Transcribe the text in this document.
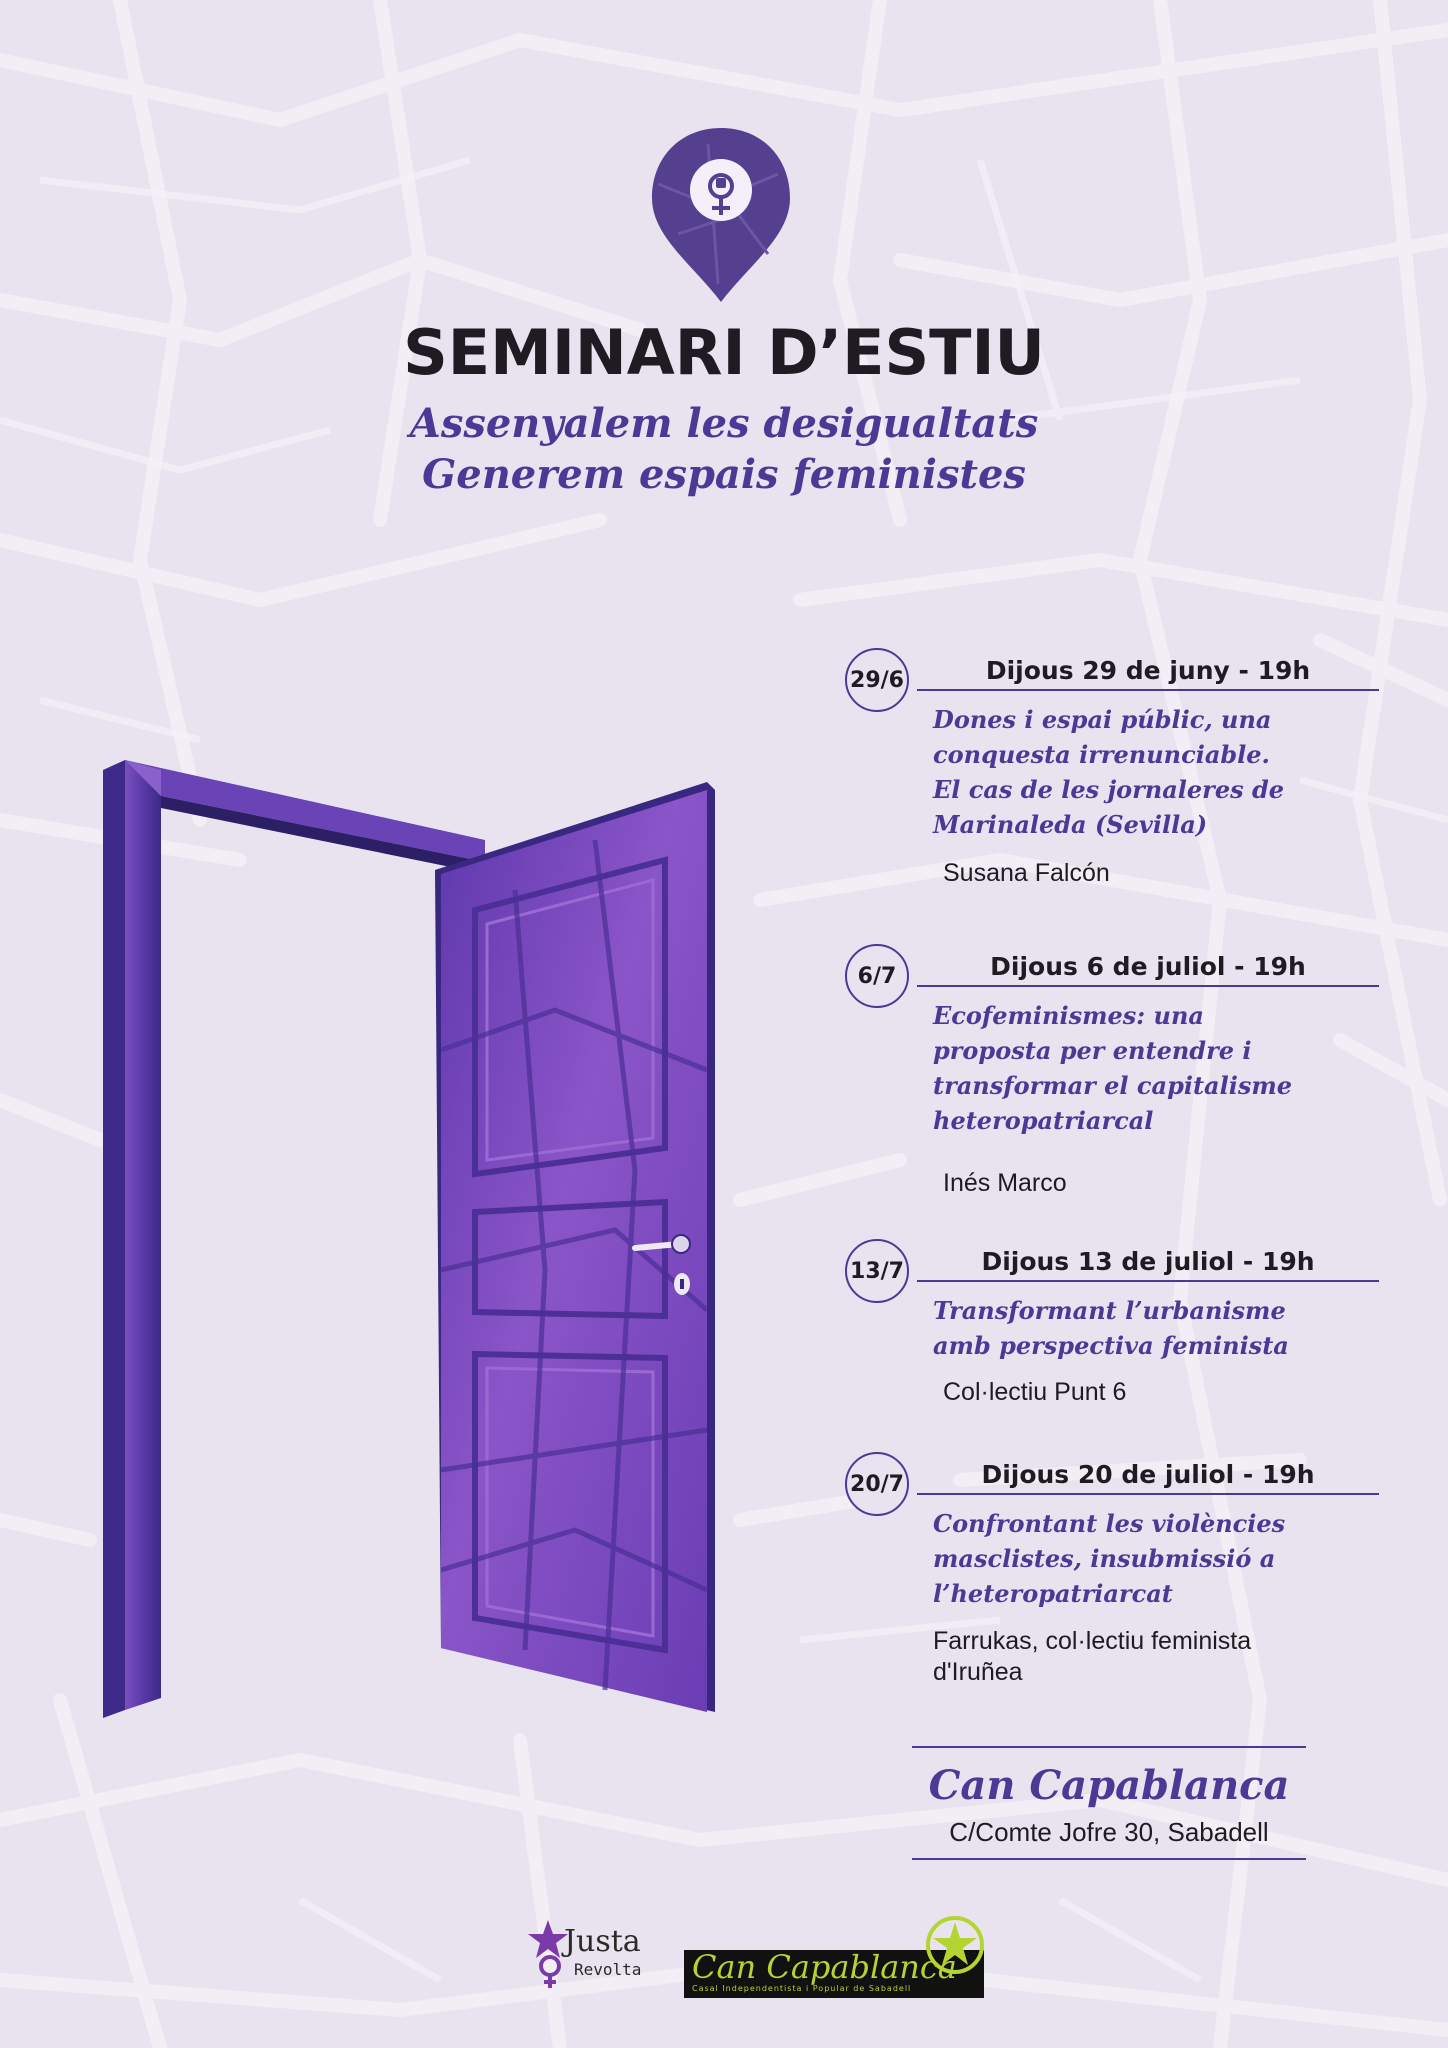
SEMINARI D’ESTIU
Assenyalem les desigualtats
Generem espais feministes
29/6	Dijous 29 de juny - 19h
Dones i espai públic, una
conquesta irrenunciable.
El cas de les jornaleres de
Marinaleda (Sevilla)
Susana Falcón
6/7	Dijous 6 de juliol - 19h
Ecofeminismes: una
proposta per entendre i
transformar el capitalisme
heteropatriarcal
Inés Marco
13/7	Dijous 13 de juliol - 19h
Transformant l’urbanisme
amb perspectiva feminista
Col·lectiu Punt 6
20/7	Dijous 20 de juliol - 19h
Confrontant les violències
masclistes, insubmissió a
l’heteropatriarcat
Farrukas, col·lectiu feminista d'Iruñea
Can Capablanca
C/Comte Jofre 30, Sabadell
Justa
Revolta Can Capablanca
Casal Independentista i Popular de Sabadell
